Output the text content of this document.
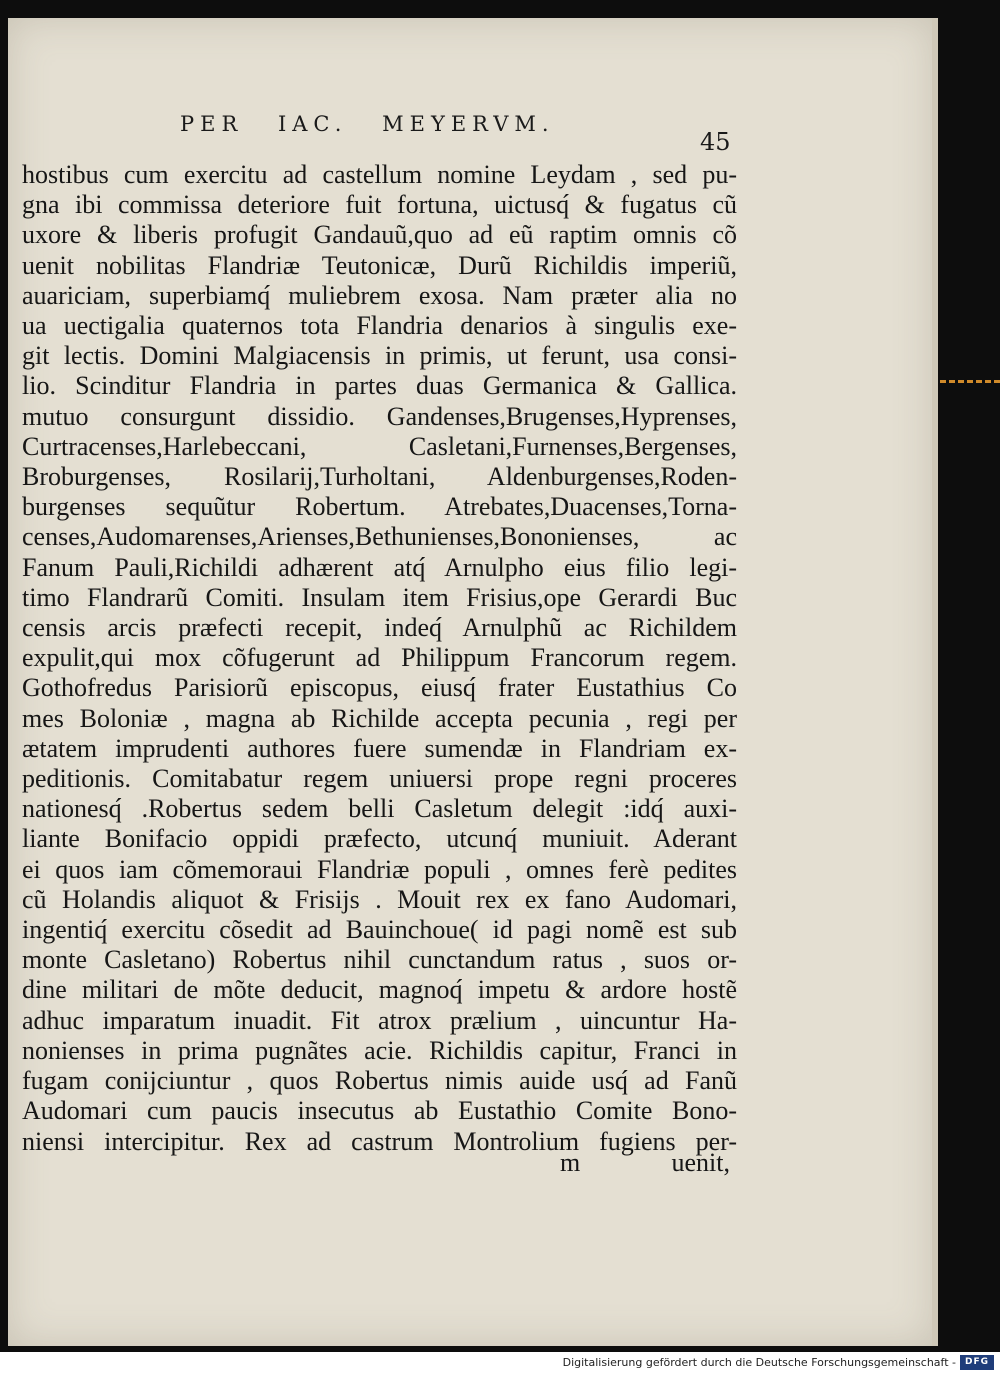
PER IAC. MEYERVM.
45
hostibus cum exercitu ad castellum nomine Leydam , sed pu-
gna ibi commissa deteriore fuit fortuna, uictusq́ & fugatus cũ
uxore & liberis profugit Gandauũ,quo ad eũ raptim omnis cõ
uenit nobilitas Flandriæ Teutonicæ, Durũ Richildis imperiũ,
auariciam, superbiamq́ muliebrem exosa. Nam præter alia no
ua uectigalia quaternos tota Flandria denarios à singulis exe-
git lectis. Domini Malgiacensis in primis, ut ferunt, usa consi-
lio. Scinditur Flandria in partes duas Germanica & Gallica.
mutuo consurgunt dissidio. Gandenses,Brugenses,Hyprenses,
Curtracenses,Harlebeccani, Casletani,Furnenses,Bergenses,
Broburgenses, Rosilarij,Turholtani, Aldenburgenses,Roden-
burgenses sequũtur Robertum. Atrebates,Duacenses,Torna-
censes,Audomarenses,Arienses,Bethunienses,Bononienses, ac
Fanum Pauli,Richildi adhærent atq́ Arnulpho eius filio legi-
timo Flandrarũ Comiti. Insulam item Frisius,ope Gerardi Buc
censis arcis præfecti recepit, indeq́ Arnulphũ ac Richildem
expulit,qui mox cõfugerunt ad Philippum Francorum regem.
Gothofredus Parisiorũ episcopus, eiusq́ frater Eustathius Co
mes Boloniæ , magna ab Richilde accepta pecunia , regi per
ætatem imprudenti authores fuere sumendæ in Flandriam ex-
peditionis. Comitabatur regem uniuersi prope regni proceres
nationesq́ .Robertus sedem belli Casletum delegit :idq́ auxi-
liante Bonifacio oppidi præfecto, utcunq́ muniuit. Aderant
ei quos iam cõmemoraui Flandriæ populi , omnes ferè pedites
cũ Holandis aliquot & Frisijs . Mouit rex ex fano Audomari,
ingentiq́ exercitu cõsedit ad Bauinchoue( id pagi nomẽ est sub
monte Casletano) Robertus nihil cunctandum ratus , suos or-
dine militari de mõte deducit, magnoq́ impetu & ardore hostẽ
adhuc imparatum inuadit. Fit atrox prælium , uincuntur Ha-
nonienses in prima pugnãtes acie. Richildis capitur, Franci in
fugam conijciuntur , quos Robertus nimis auide usq́ ad Fanũ
Audomari cum paucis insecutus ab Eustathio Comite Bono-
niensi intercipitur. Rex ad castrum Montrolium fugiens per-
m	uenit,
Digitalisierung gefördert durch die Deutsche Forschungsgemeinschaft - DFG
